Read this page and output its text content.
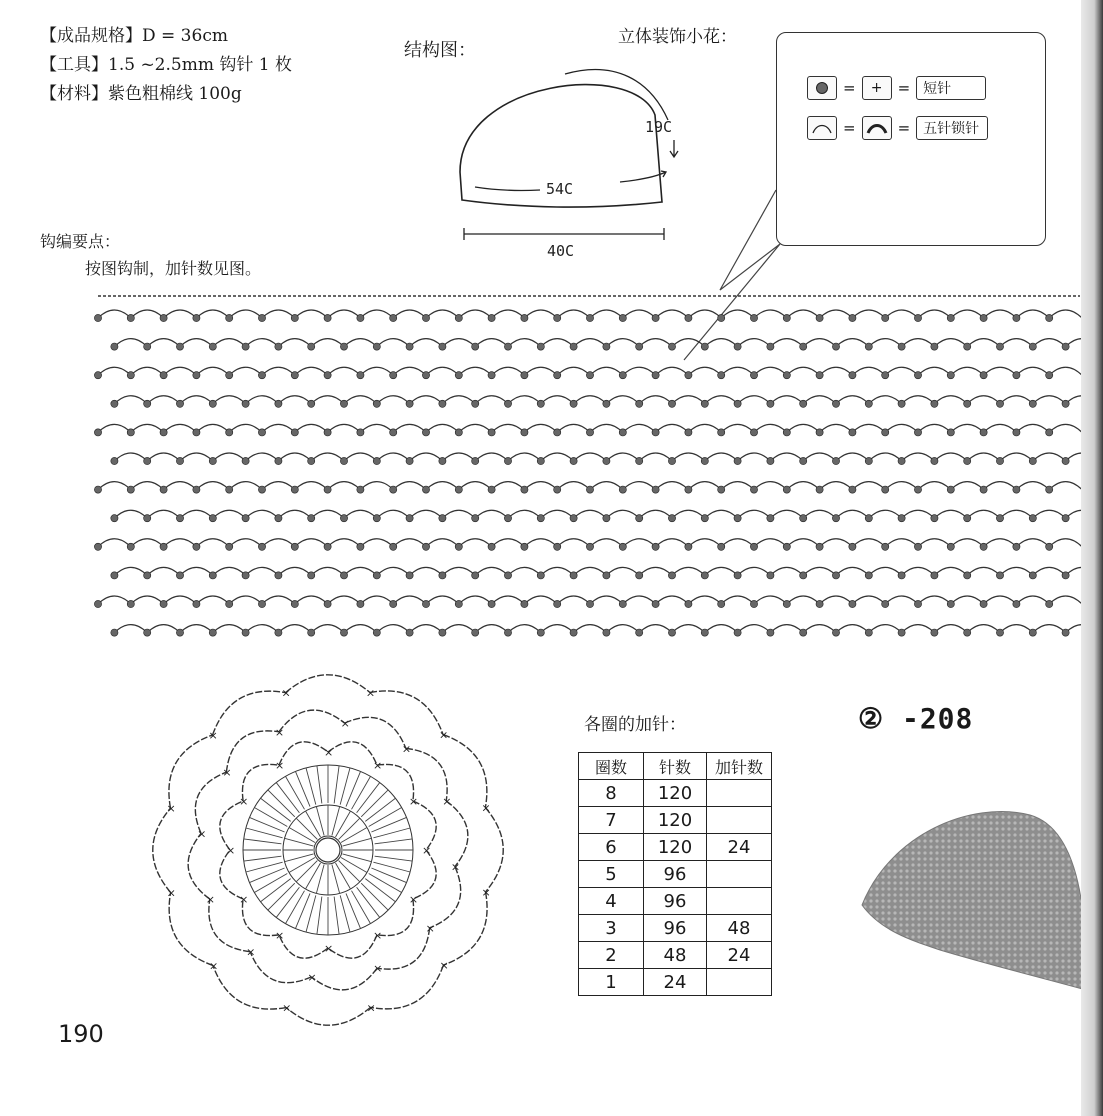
【成品规格】D = 36cm
【工具】1.5 ~2.5mm 钩针 1 枚
【材料】紫色粗棉线 100g
结构图：
19C
54C
40C
立体装饰小花：
=	+	= 短针
=	= 五针锁针
钩编要点：
按图钩制，加针数见图。
×
×
×
×
×
×
×
×
×
×
×
×
×
×
×
×
×
×
×
×
×
×
×
×
×
×
×
×
×
×
×
×
×	×
×
×
各圈的加针：
圈数	针数	加针数
8	120	
7	120	
6	120	24
5	96	
4	96	
3	96	48
2	48	24
1	24	
② -208
190
